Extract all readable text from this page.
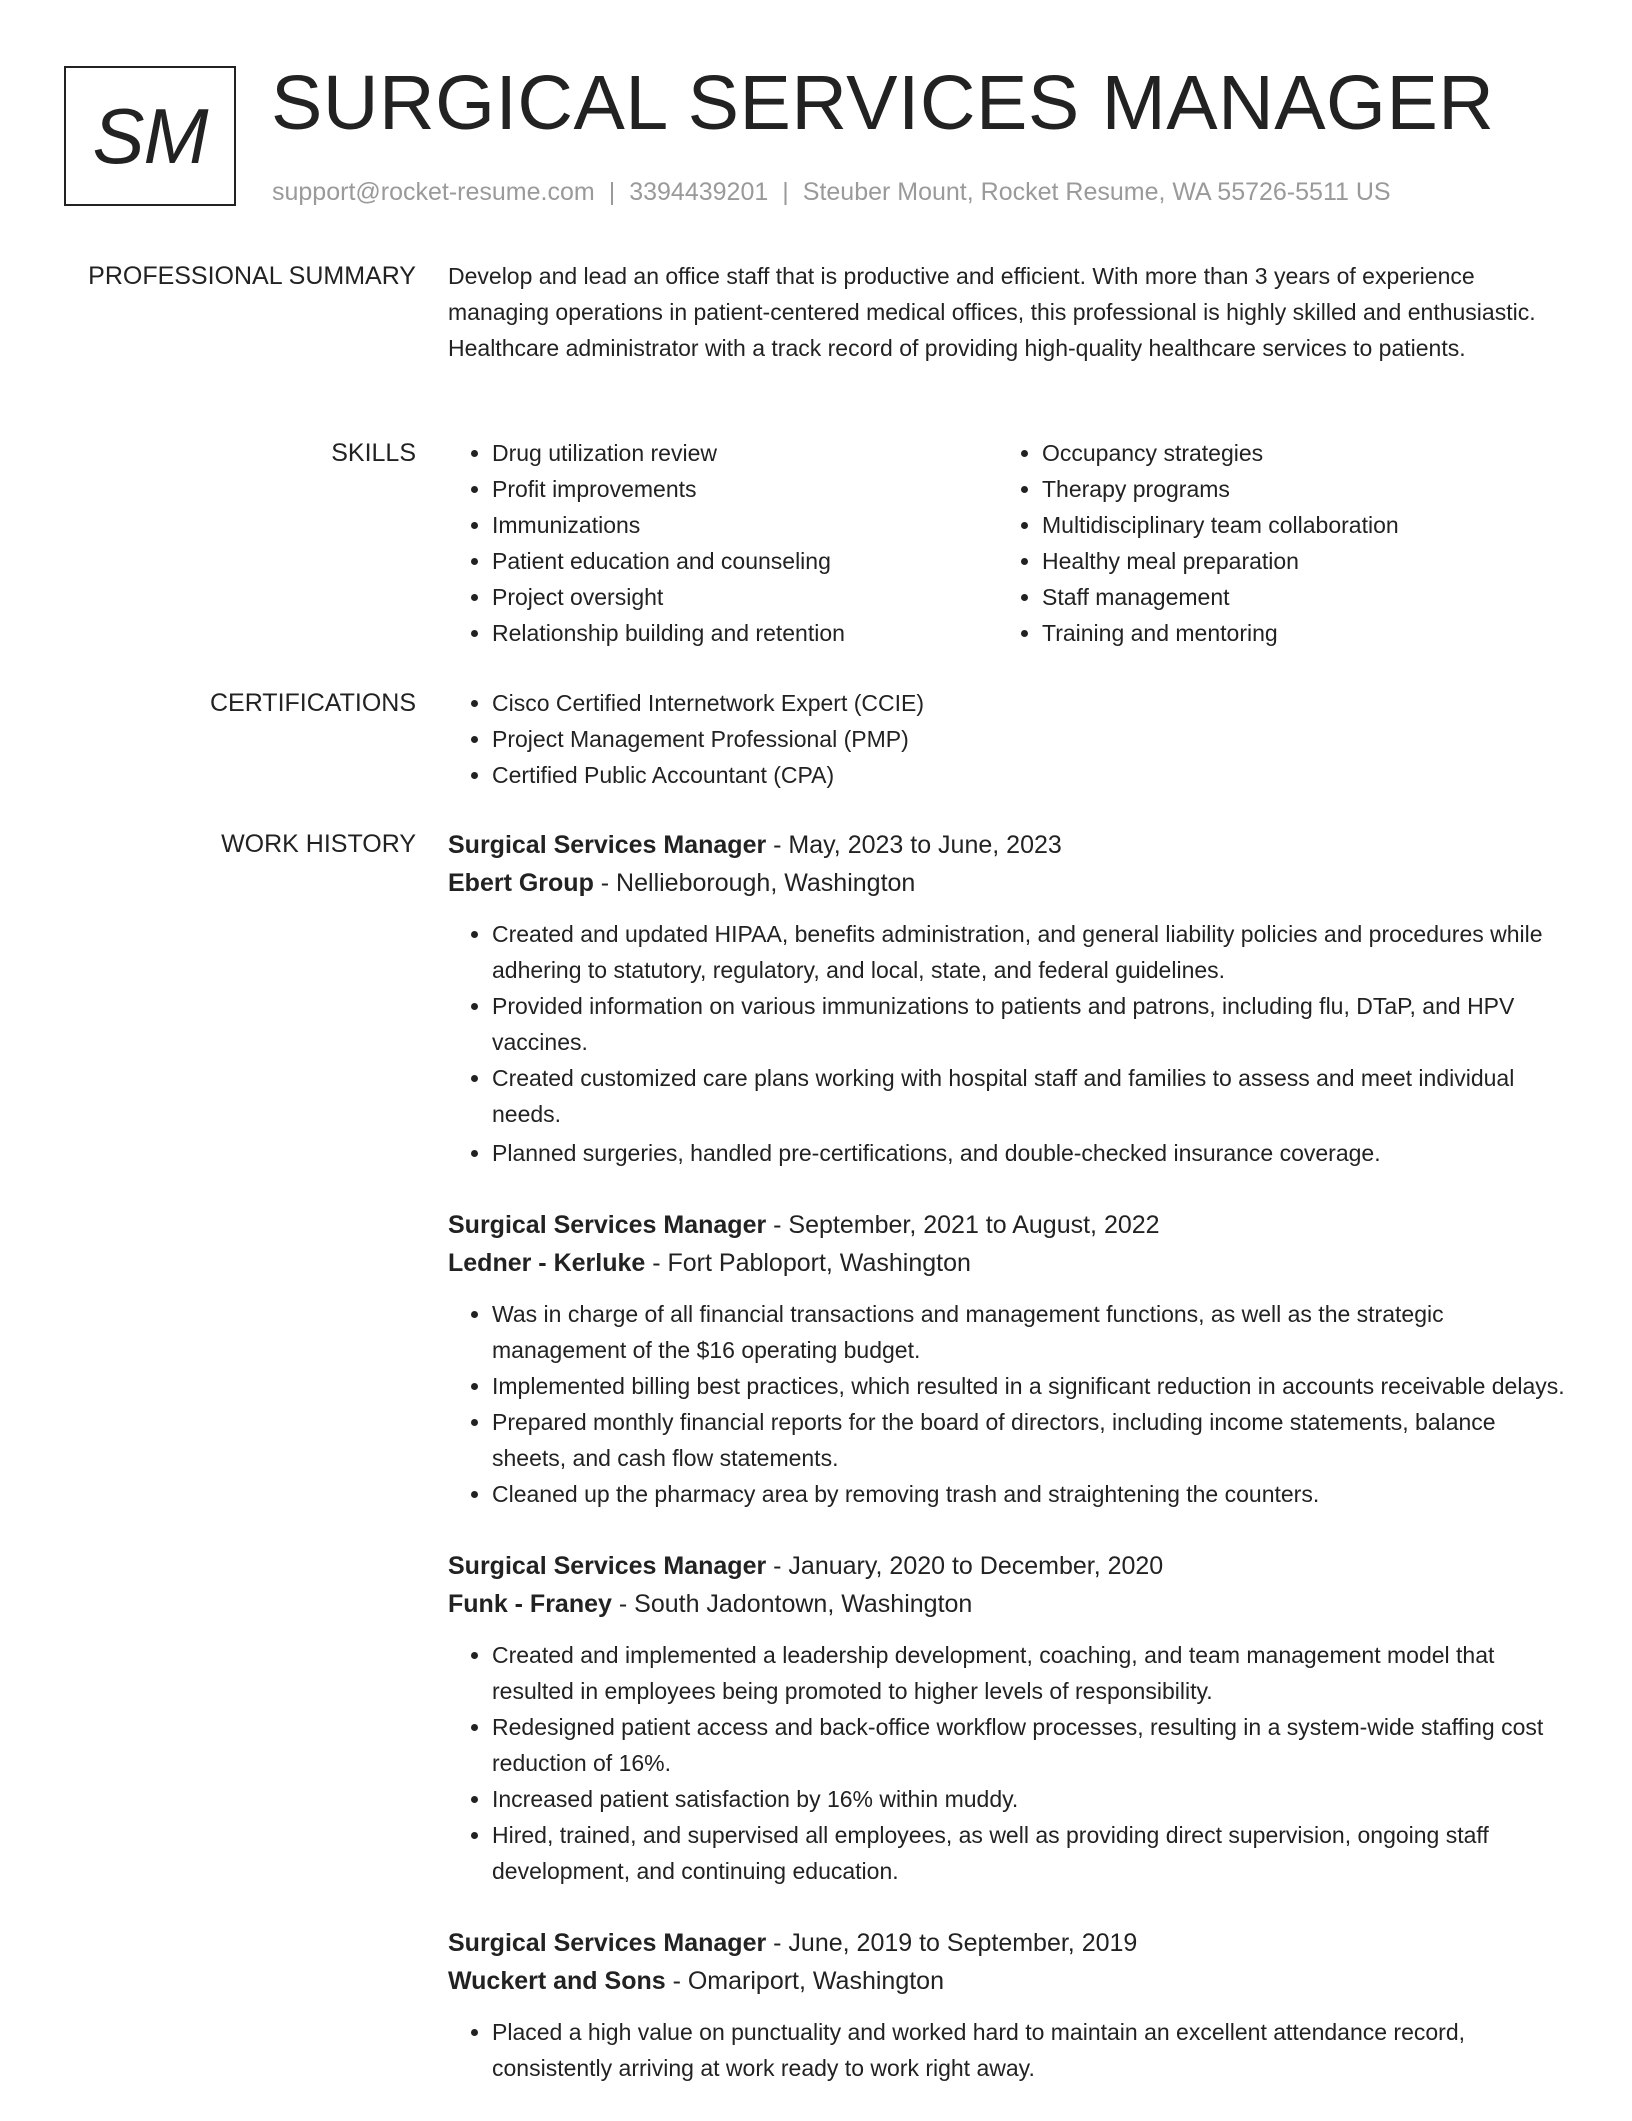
SM SURGICAL SERVICES MANAGER
support@rocket-resume.com | 3394439201 | Steuber Mount, Rocket Resume, WA 55726-5511 US
PROFESSIONAL SUMMARY Develop and lead an office staff that is productive and efficient. With more than 3 years of experience managing operations in patient-centered medical offices, this professional is highly skilled and enthusiastic. Healthcare administrator with a track record of providing high-quality healthcare services to patients.

SKILLS	• Drug utilization review
• Profit improvements
• Immunizations
• Patient education and counseling
• Project oversight
• Relationship building and retention
• Occupancy strategies
• Therapy programs
• Multidisciplinary team collaboration
• Healthy meal preparation
• Staff management
• Training and mentoring
CERTIFICATIONS	• Cisco Certified Internetwork Expert (CCIE)
• Project Management Professional (PMP)
• Certified Public Accountant (CPA)
WORK HISTORY Surgical Services Manager - May, 2023 to June, 2023
Ebert Group - Nellieborough, Washington
• Created and updated HIPAA, benefits administration, and general liability policies and procedures while adhering to statutory, regulatory, and local, state, and federal guidelines.
• Provided information on various immunizations to patients and patrons, including flu, DTaP, and HPV vaccines.
• Created customized care plans working with hospital staff and families to assess and meet individual needs.
• Planned surgeries, handled pre-certifications, and double-checked insurance coverage.
Surgical Services Manager - September, 2021 to August, 2022
Ledner - Kerluke - Fort Pabloport, Washington
• Was in charge of all financial transactions and management functions, as well as the strategic management of the $16 operating budget.
• Implemented billing best practices, which resulted in a significant reduction in accounts receivable delays.
• Prepared monthly financial reports for the board of directors, including income statements, balance sheets, and cash flow statements.
• Cleaned up the pharmacy area by removing trash and straightening the counters.
Surgical Services Manager - January, 2020 to December, 2020
Funk - Franey - South Jadontown, Washington
• Created and implemented a leadership development, coaching, and team management model that resulted in employees being promoted to higher levels of responsibility.
• Redesigned patient access and back-office workflow processes, resulting in a system-wide staffing cost reduction of 16%.
• Increased patient satisfaction by 16% within muddy.
• Hired, trained, and supervised all employees, as well as providing direct supervision, ongoing staff development, and continuing education.
Surgical Services Manager - June, 2019 to September, 2019
Wuckert and Sons - Omariport, Washington
• Placed a high value on punctuality and worked hard to maintain an excellent attendance record, consistently arriving at work ready to work right away.
